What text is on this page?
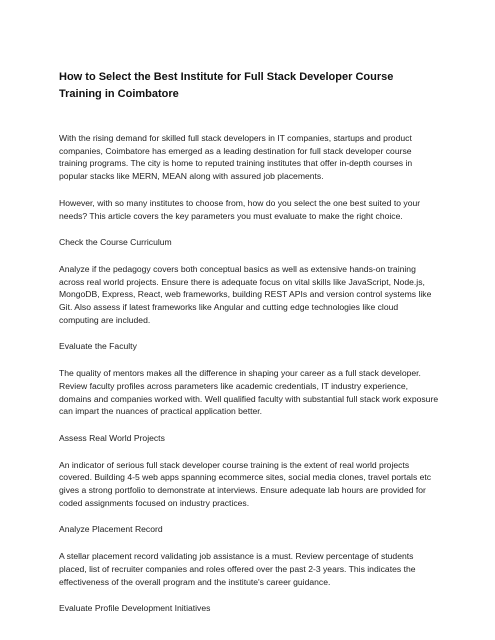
How to Select the Best Institute for Full Stack Developer Course Training in Coimbatore

With the rising demand for skilled full stack developers in IT companies, startups and product companies, Coimbatore has emerged as a leading destination for full stack developer course training programs. The city is home to reputed training institutes that offer in-depth courses in popular stacks like MERN, MEAN along with assured job placements.

However, with so many institutes to choose from, how do you select the one best suited to your needs? This article covers the key parameters you must evaluate to make the right choice.

Check the Course Curriculum

Analyze if the pedagogy covers both conceptual basics as well as extensive hands-on training across real world projects. Ensure there is adequate focus on vital skills like JavaScript, Node.js, MongoDB, Express, React, web frameworks, building REST APIs and version control systems like Git. Also assess if latest frameworks like Angular and cutting edge technologies like cloud computing are included.

Evaluate the Faculty

The quality of mentors makes all the difference in shaping your career as a full stack developer. Review faculty profiles across parameters like academic credentials, IT industry experience, domains and companies worked with. Well qualified faculty with substantial full stack work exposure can impart the nuances of practical application better.

Assess Real World Projects

An indicator of serious full stack developer course training is the extent of real world projects covered. Building 4-5 web apps spanning ecommerce sites, social media clones, travel portals etc gives a strong portfolio to demonstrate at interviews. Ensure adequate lab hours are provided for coded assignments focused on industry practices.

Analyze Placement Record

A stellar placement record validating job assistance is a must. Review percentage of students placed, list of recruiter companies and roles offered over the past 2-3 years. This indicates the effectiveness of the overall program and the institute's career guidance.

Evaluate Profile Development Initiatives
